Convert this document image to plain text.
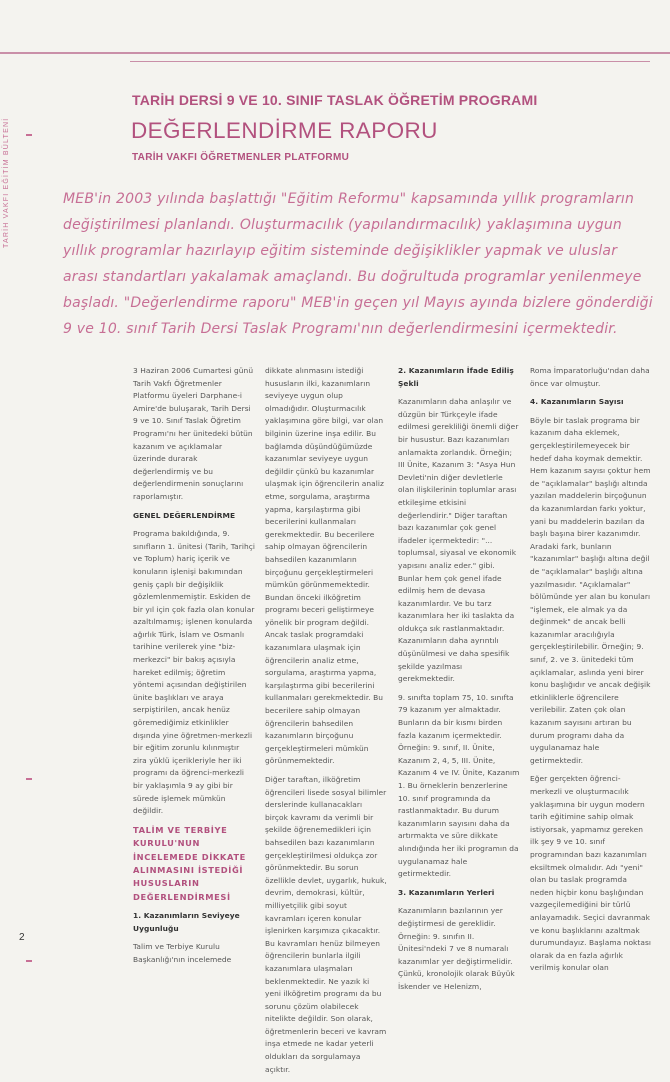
TARİH VAKFI EĞİTİM BÜLTENİ
2
TARİH DERSİ 9 VE 10. SINIF TASLAK ÖĞRETİM PROGRAMI
DEĞERLENDİRME RAPORU
TARİH VAKFI ÖĞRETMENLER PLATFORMU
MEB'in 2003 yılında başlattığı "Eğitim Reformu" kapsamında yıllık programların değiştirilmesi planlandı. Oluşturmacılık (yapılandırmacılık) yaklaşımına uygun yıllık programlar hazırlayıp eğitim sisteminde değişiklikler yapmak ve uluslar arası standartları yakalamak amaçlandı. Bu doğrultuda programlar yenilenmeye başladı. "Değerlendirme raporu" MEB'in geçen yıl Mayıs ayında bizlere gönderdiği 9 ve 10. sınıf Tarih Dersi Taslak Programı'nın değerlendirmesini içermektedir.

3 Haziran 2006 Cumartesi günü Tarih Vakfı Öğretmenler Platformu üyeleri Darphane-i Amire'de buluşarak, Tarih Dersi 9 ve 10. Sınıf Taslak Öğretim Programı'nı her ünitedeki bütün kazanım ve açıklamalar üzerinde durarak değerlendirmiş ve bu değerlendirmenin sonuçlarını raporlamıştır.

GENEL DEĞERLENDİRME

Programa bakıldığında, 9. sınıfların 1. ünitesi (Tarih, Tarihçi ve Toplum) hariç içerik ve konuların işlenişi bakımından geniş çaplı bir değişiklik gözlemlenmemiştir. Eskiden de bir yıl için çok fazla olan konular azaltılmamış; işlenen konularda ağırlık Türk, İslam ve Osmanlı tarihine verilerek yine "biz-merkezci" bir bakış açısıyla hareket edilmiş; öğretim yöntemi açısından değiştirilen ünite başlıkları ve araya serpiştirilen, ancak henüz göremediğimiz etkinlikler dışında yine öğretmen-merkezli bir eğitim zorunlu kılınmıştır zira yüklü içerikleriyle her iki programı da öğrenci-merkezli bir yaklaşımla 9 ay gibi bir sürede işlemek mümkün değildir.

TALİM VE TERBİYE KURULU'NUN İNCELEMEDE DİKKATE ALINMASINI İSTEDİĞİ HUSUSLARIN DEĞERLENDİRMESİ

1. Kazanımların Seviyeye Uygunluğu

Talim ve Terbiye Kurulu Başkanlığı'nın incelemede

dikkate alınmasını istediği hususların ilki, kazanımların seviyeye uygun olup olmadığıdır. Oluşturmacılık yaklaşımına göre bilgi, var olan bilginin üzerine inşa edilir. Bu bağlamda düşündüğümüzde kazanımlar seviyeye uygun değildir çünkü bu kazanımlar ulaşmak için öğrencilerin analiz etme, sorgulama, araştırma yapma, karşılaştırma gibi becerilerini kullanmaları gerekmektedir. Bu becerilere sahip olmayan öğrencilerin bahsedilen kazanımların birçoğunu gerçekleştirmeleri mümkün görünmemektedir. Bundan önceki ilköğretim programı beceri geliştirmeye yönelik bir program değildi. Ancak taslak programdaki kazanımlara ulaşmak için öğrencilerin analiz etme, sorgulama, araştırma yapma, karşılaştırma gibi becerilerini kullanmaları gerekmektedir. Bu becerilere sahip olmayan öğrencilerin bahsedilen kazanımların birçoğunu gerçekleştirmeleri mümkün görünmemektedir.

Diğer taraftan, ilköğretim öğrencileri lisede sosyal bilimler derslerinde kullanacakları birçok kavramı da verimli bir şekilde öğrenemedikleri için bahsedilen bazı kazanımların gerçekleştirilmesi oldukça zor görünmektedir. Bu sorun özellikle devlet, uygarlık, hukuk, devrim, demokrasi, kültür, milliyetçilik gibi soyut kavramları içeren konular işlenirken karşımıza çıkacaktır. Bu kavramları henüz bilmeyen öğrencilerin bunlarla ilgili kazanımlara ulaşmaları beklenmektedir. Ne yazık ki yeni ilköğretim programı da bu sorunu çözüm olabilecek nitelikte değildir. Son olarak, öğretmenlerin beceri ve kavram inşa etmede ne kadar yeterli oldukları da sorgulamaya açıktır.

2. Kazanımların İfade Ediliş Şekli

Kazanımların daha anlaşılır ve düzgün bir Türkçeyle ifade edilmesi gerekliliği önemli diğer bir husustur. Bazı kazanımları anlamakta zorlandık. Örneğin; III Ünite, Kazanım 3: "Asya Hun Devleti'nin diğer devletlerle olan ilişkilerinin toplumlar arası etkileşime etkisini değerlendirir." Diğer taraftan bazı kazanımlar çok genel ifadeler içermektedir: "... toplumsal, siyasal ve ekonomik yapısını analiz eder." gibi. Bunlar hem çok genel ifade edilmiş hem de devasa kazanımlardır. Ve bu tarz kazanımlara her iki taslakta da oldukça sık rastlanmaktadır. Kazanımların daha ayrıntılı düşünülmesi ve daha spesifik şekilde yazılması gerekmektedir.

9. sınıfta toplam 75, 10. sınıfta 79 kazanım yer almaktadır. Bunların da bir kısmı birden fazla kazanım içermektedir. Örneğin: 9. sınıf, II. Ünite, Kazanım 2, 4, 5, III. Ünite, Kazanım 4 ve IV. Ünite, Kazanım 1. Bu örneklerin benzerlerine 10. sınıf programında da rastlanmaktadır. Bu durum kazanımların sayısını daha da artırmakta ve süre dikkate alındığında her iki programın da uygulanamaz hale getirmektedir.

3. Kazanımların Yerleri

Kazanımların bazılarının yer değiştirmesi de gereklidir. Örneğin: 9. sınıfın II. Ünitesi'ndeki 7 ve 8 numaralı kazanımlar yer değiştirmelidir. Çünkü, kronolojik olarak Büyük İskender ve Helenizm,

Roma İmparatorluğu'ndan daha önce var olmuştur.

4. Kazanımların Sayısı

Böyle bir taslak programa bir kazanım daha eklemek, gerçekleştirilemeyecek bir hedef daha koymak demektir. Hem kazanım sayısı çoktur hem de "açıklamalar" başlığı altında yazılan maddelerin birçoğunun da kazanımlardan farkı yoktur, yani bu maddelerin bazıları da başlı başına birer kazanımdır. Aradaki fark, bunların "kazanımlar" başlığı altına değil de "açıklamalar" başlığı altına yazılmasıdır. "Açıklamalar" bölümünde yer alan bu konuları "işlemek, ele almak ya da değinmek" de ancak belli kazanımlar aracılığıyla gerçekleştirilebilir. Örneğin; 9. sınıf, 2. ve 3. ünitedeki tüm açıklamalar, aslında yeni birer konu başlığıdır ve ancak değişik etkinliklerle öğrencilere verilebilir. Zaten çok olan kazanım sayısını artıran bu durum programı daha da uygulanamaz hale getirmektedir.

Eğer gerçekten öğrenci-merkezli ve oluşturmacılık yaklaşımına bir uygun modern tarih eğitimine sahip olmak istiyorsak, yapmamız gereken ilk şey 9 ve 10. sınıf programından bazı kazanımları eksiltmek olmalıdır. Adı "yeni" olan bu taslak programda neden hiçbir konu başlığından vazgeçilemediğini bir türlü anlayamadık. Seçici davranmak ve konu başlıklarını azaltmak durumundayız. Başlama noktası olarak da en fazla ağırlık verilmiş konular olan
